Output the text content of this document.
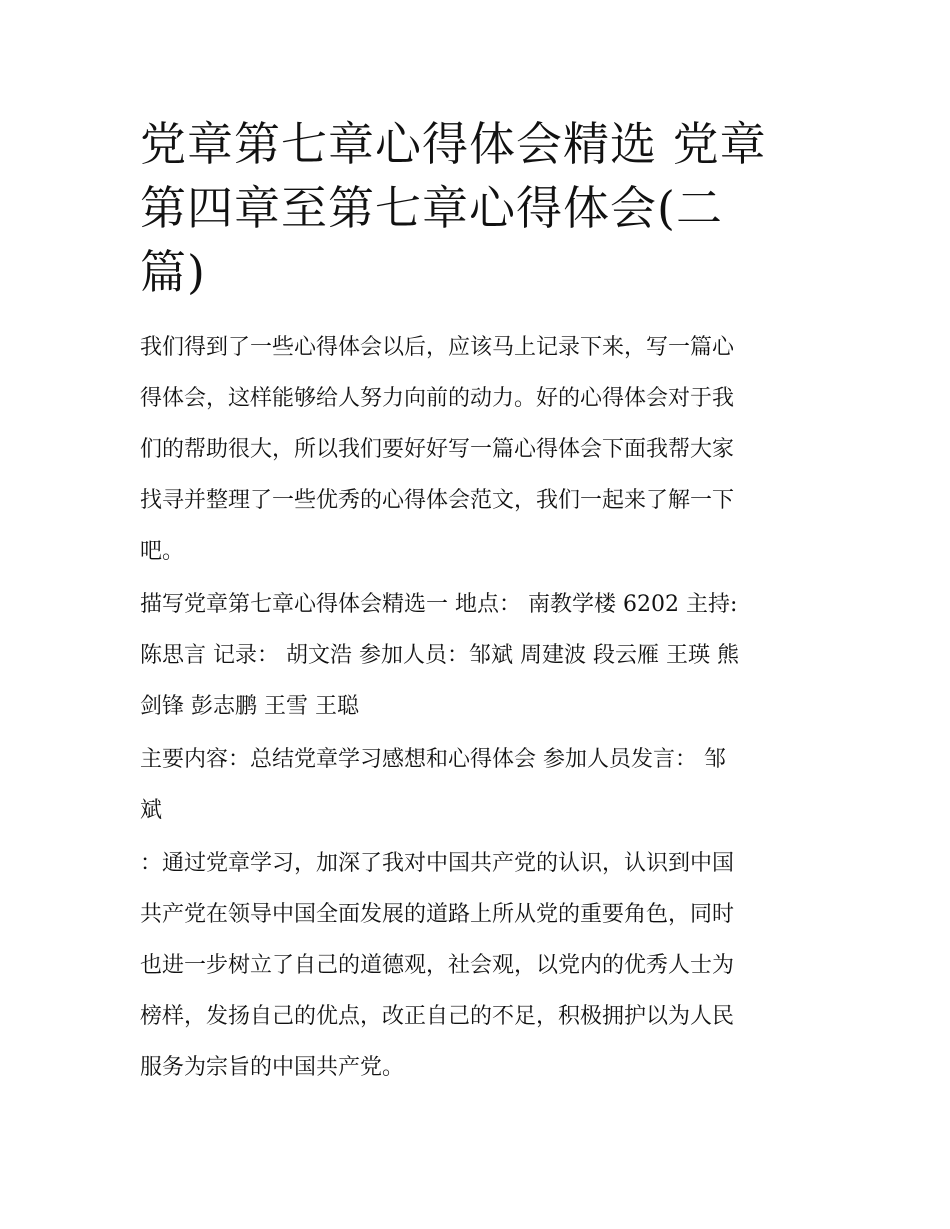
党章第七章心得体会精选 党章
第四章至第七章心得体会(二
篇)

我们得到了一些心得体会以后，应该马上记录下来，写一篇心
得体会，这样能够给人努力向前的动力。好的心得体会对于我
们的帮助很大，所以我们要好好写一篇心得体会下面我帮大家
找寻并整理了一些优秀的心得体会范文，我们一起来了解一下
吧。

描写党章第七章心得体会精选一 地点： 南教学楼 6202 主持:
陈思言 记录： 胡文浩 参加人员：邹斌 周建波 段云雁 王瑛 熊
剑锋 彭志鹏 王雪 王聪

主要内容：总结党章学习感想和心得体会 参加人员发言： 邹
斌

：通过党章学习，加深了我对中国共产党的认识，认识到中国
共产党在领导中国全面发展的道路上所从党的重要角色，同时
也进一步树立了自己的道德观，社会观，以党内的优秀人士为
榜样，发扬自己的优点，改正自己的不足，积极拥护以为人民
服务为宗旨的中国共产党。
